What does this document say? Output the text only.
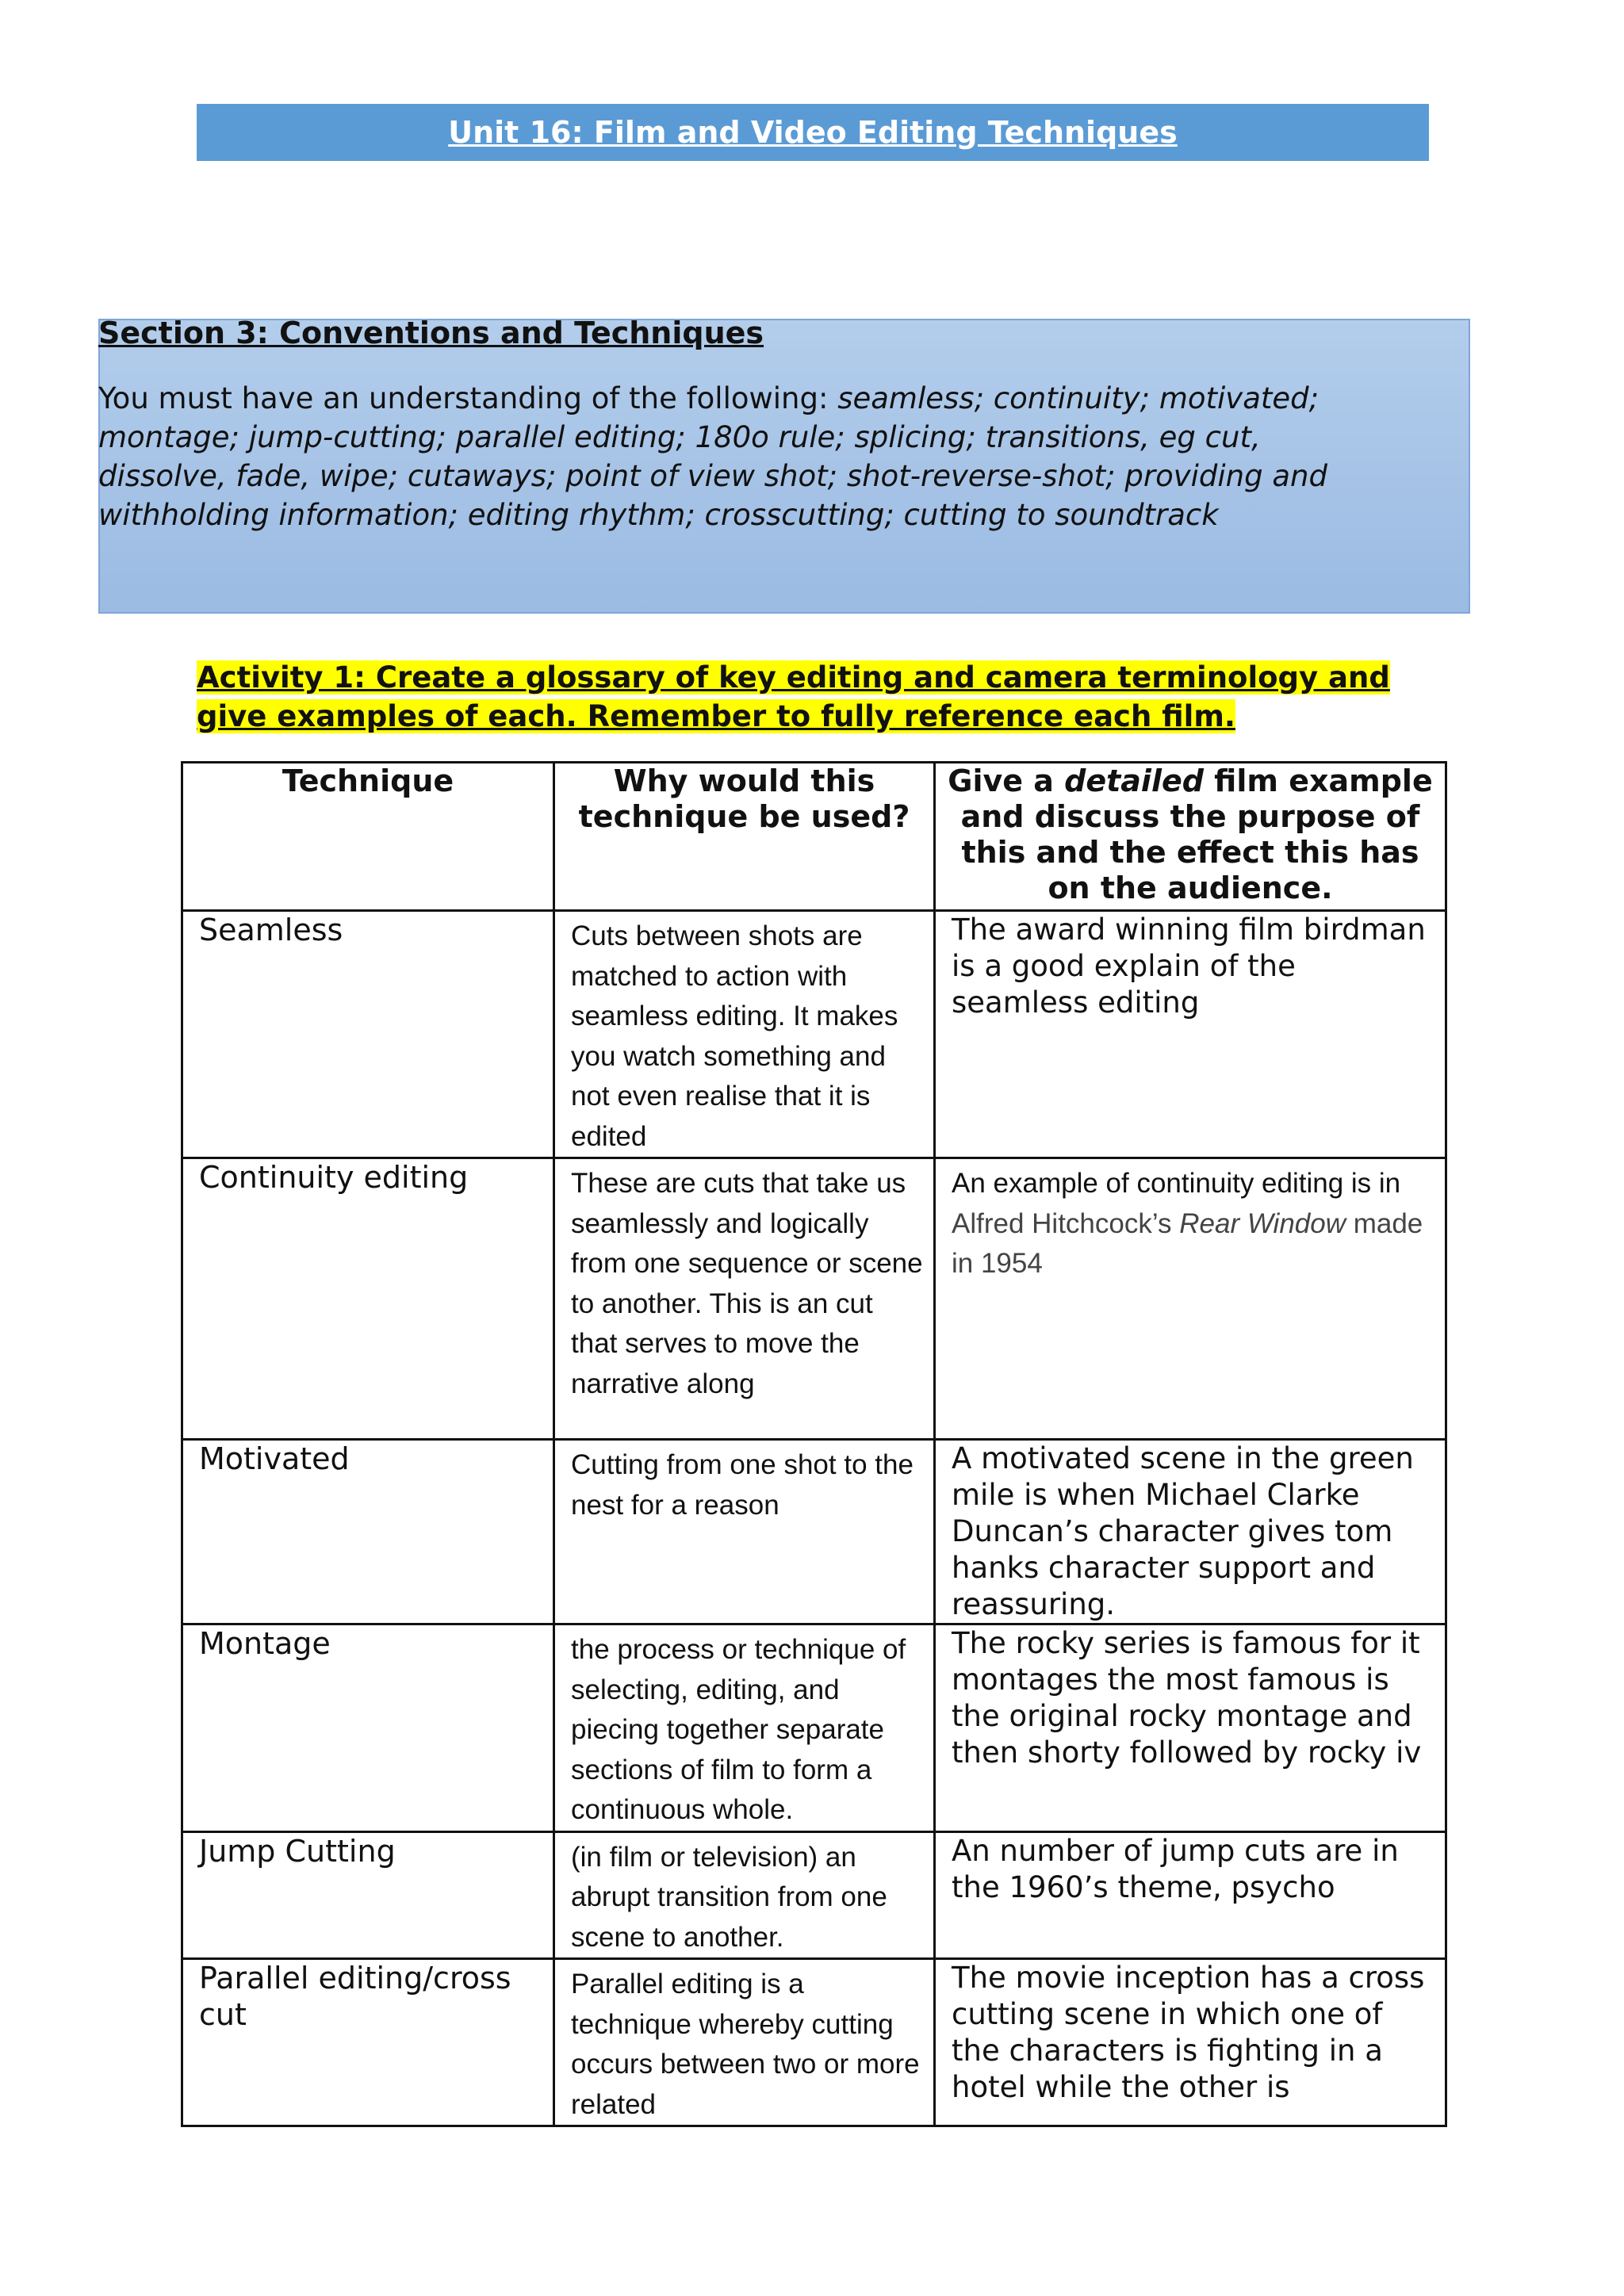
Unit 16: Film and Video Editing Techniques
Section 3: Conventions and Techniques
You must have an understanding of the following: seamless; continuity; motivated; montage; jump-cutting; parallel editing; 180o rule; splicing; transitions, eg cut, dissolve, fade, wipe; cutaways; point of view shot; shot-reverse-shot; providing and withholding information; editing rhythm; crosscutting; cutting to soundtrack
Activity 1: Create a glossary of key editing and camera terminology and give examples of each. Remember to fully reference each film.
Technique	Why would this technique be used?	Give a detailed film example and discuss the purpose of this and the effect this has on the audience.
Seamless	Cuts between shots are matched to action with seamless editing. It makes you watch something and not even realise that it is edited	The award winning film birdman is a good explain of the seamless editing
Continuity editing	These are cuts that take us seamlessly and logically from one sequence or scene to another. This is an cut that serves to move the narrative along	An example of continuity editing is in Alfred Hitchcock’s Rear Window made in 1954
Motivated	Cutting from one shot to the nest for a reason	A motivated scene in the green mile is when Michael Clarke Duncan’s character gives tom hanks character support and reassuring.
Montage	the process or technique of selecting, editing, and piecing together separate sections of film to form a continuous whole.	The rocky series is famous for it montages the most famous is the original rocky montage and then shorty followed by rocky iv
Jump Cutting	(in film or television) an abrupt transition from one scene to another.	An number of jump cuts are in the 1960’s theme, psycho
Parallel editing/cross cut	Parallel editing is a technique whereby cutting occurs between two or more related	The movie inception has a cross cutting scene in which one of the characters is fighting in a hotel while the other is
